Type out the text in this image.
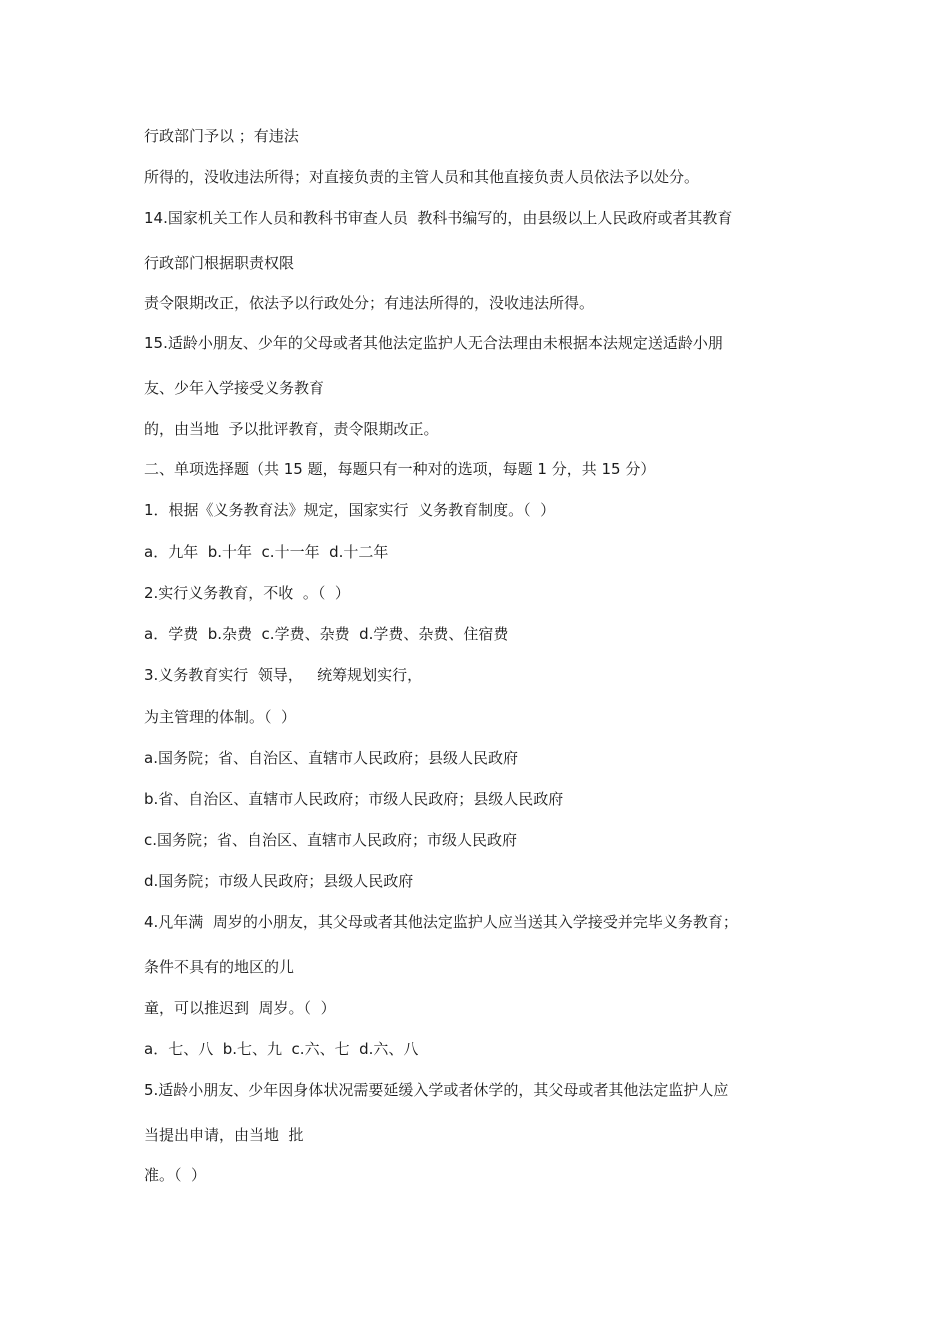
行政部门予以 ；有违法
所得的，没收违法所得；对直接负责的主管人员和其他直接负责人员依法予以处分。
14.国家机关工作人员和教科书审查人员  教科书编写的，由县级以上人民政府或者其教育
行政部门根据职责权限
责令限期改正，依法予以行政处分；有违法所得的，没收违法所得。
15.适龄小朋友、少年的父母或者其他法定监护人无合法理由未根据本法规定送适龄小朋
友、少年入学接受义务教育
的，由当地  予以批评教育，责令限期改正。
二、单项选择题（共 15 题，每题只有一种对的选项，每题 1 分，共 15 分）
1．根据《义务教育法》规定，国家实行  义务教育制度。（  ）
a．九年  b.十年  c.十一年  d.十二年
2.实行义务教育，不收  。（  ）
a．学费  b.杂费  c.学费、杂费  d.学费、杂费、住宿费
3.义务教育实行  领导，   统筹规划实行，
为主管理的体制。（  ）
a.国务院；省、自治区、直辖市人民政府；县级人民政府
b.省、自治区、直辖市人民政府；市级人民政府；县级人民政府
c.国务院；省、自治区、直辖市人民政府；市级人民政府
d.国务院；市级人民政府；县级人民政府
4.凡年满  周岁的小朋友，其父母或者其他法定监护人应当送其入学接受并完毕义务教育；
条件不具有的地区的儿
童，可以推迟到  周岁。（  ）
a．七、八  b.七、九  c.六、七  d.六、八
5.适龄小朋友、少年因身体状况需要延缓入学或者休学的，其父母或者其他法定监护人应
当提出申请，由当地  批
准。（  ）
